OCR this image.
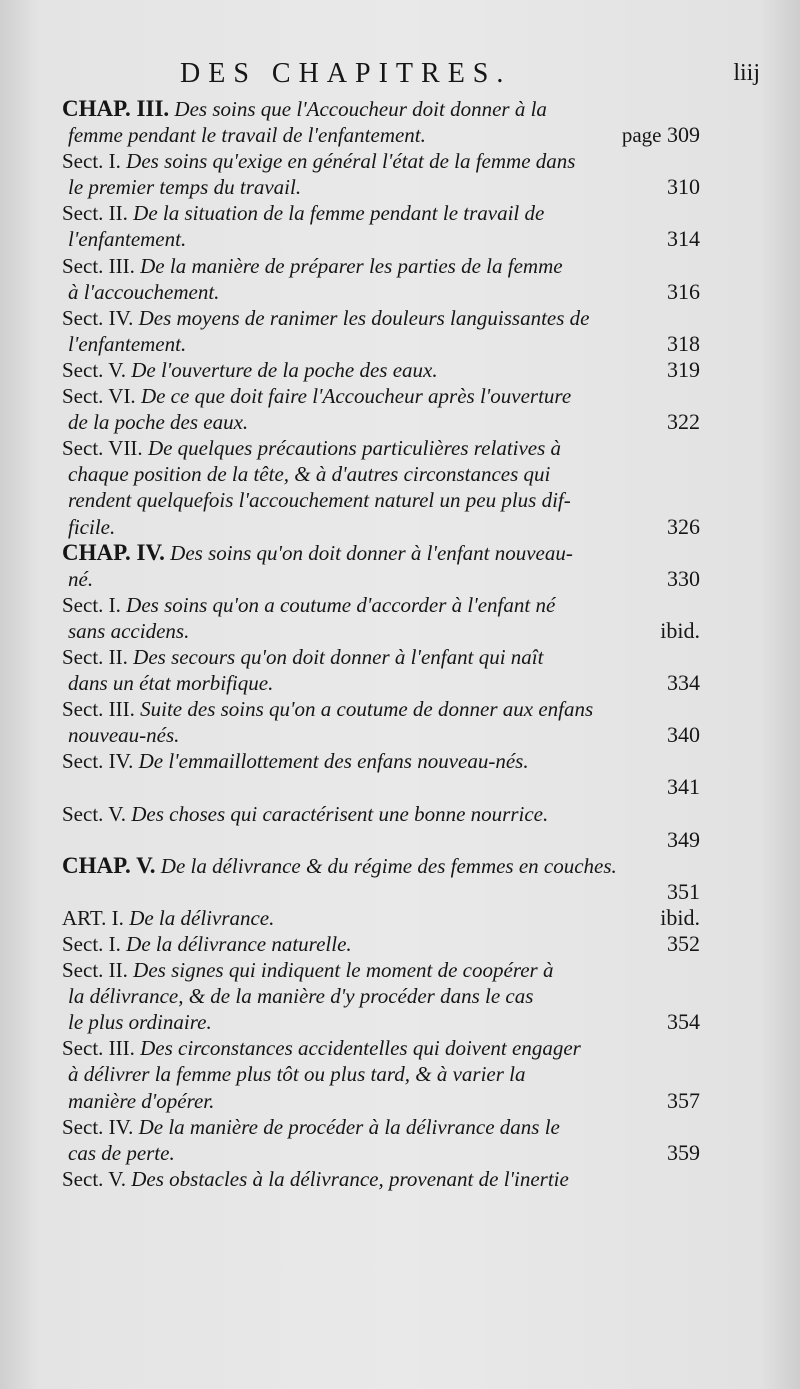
DES CHAPITRES.	liij
CHAP. III. Des soins que l'Accoucheur doit donner à la
femme pendant le travail de l'enfantement.	page 309
Sect. I. Des soins qu'exige en général l'état de la femme dans
le premier temps du travail.	310
Sect. II. De la situation de la femme pendant le travail de
l'enfantement.	314
Sect. III. De la manière de préparer les parties de la femme
à l'accouchement.	316
Sect. IV. Des moyens de ranimer les douleurs languissantes de
l'enfantement.	318
Sect. V. De l'ouverture de la poche des eaux.	319
Sect. VI. De ce que doit faire l'Accoucheur après l'ouverture
de la poche des eaux.	322
Sect. VII. De quelques précautions particulières relatives à
chaque position de la tête, & à d'autres circonstances qui
rendent quelquefois l'accouchement naturel un peu plus dif-
ficile.	326
CHAP. IV. Des soins qu'on doit donner à l'enfant nouveau-
né.	330
Sect. I. Des soins qu'on a coutume d'accorder à l'enfant né
sans accidens.	ibid.
Sect. II. Des secours qu'on doit donner à l'enfant qui naît
dans un état morbifique.	334
Sect. III. Suite des soins qu'on a coutume de donner aux enfans
nouveau-nés.	340
Sect. IV. De l'emmaillottement des enfans nouveau-nés.
341
Sect. V. Des choses qui caractérisent une bonne nourrice.
349
CHAP. V. De la délivrance & du régime des femmes en couches.
351
ART. I. De la délivrance.	ibid.
Sect. I. De la délivrance naturelle.	352
Sect. II. Des signes qui indiquent le moment de coopérer à
la délivrance, & de la manière d'y procéder dans le cas
le plus ordinaire.	354
Sect. III. Des circonstances accidentelles qui doivent engager
à délivrer la femme plus tôt ou plus tard, & à varier la
manière d'opérer.	357
Sect. IV. De la manière de procéder à la délivrance dans le
cas de perte.	359
Sect. V. Des obstacles à la délivrance, provenant de l'inertie
